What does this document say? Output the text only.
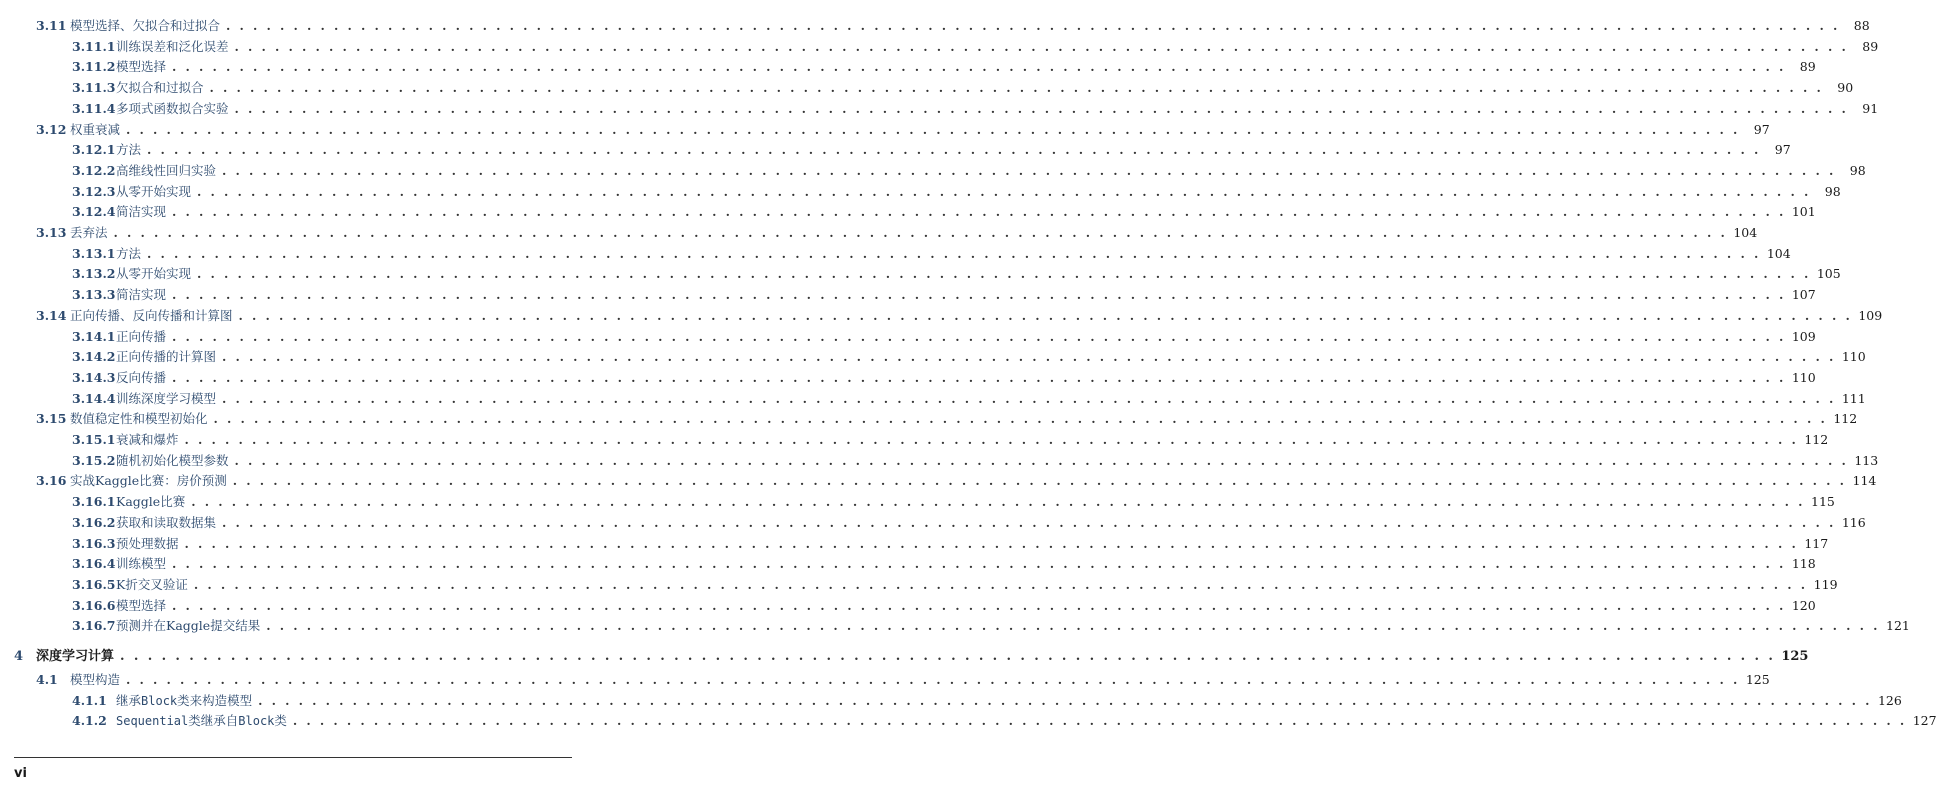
3.11 模型选择、欠拟合和过拟合 . . . . . . . . . . . . . . . . . . . . . . . . . . . . . . . . . . . . . . . . . . . . . . . . . . . . . . . . . . . . . . . . . . . . . . . . . . . . . . . . . . . . . . . . . . . . . . . . . . . . . . . . . . . . . . . . . . . . . . . .	88
3.11.1 训练误差和泛化误差 . . . . . . . . . . . . . . . . . . . . . . . . . . . . . . . . . . . . . . . . . . . . . . . . . . . . . . . . . . . . . . . . . . . . . . . . . . . . . . . . . . . . . . . . . . . . . . . . . . . . . . . . . . . . . . . . . . . . . . . .	89
3.11.2 模型选择 . . . . . . . . . . . . . . . . . . . . . . . . . . . . . . . . . . . . . . . . . . . . . . . . . . . . . . . . . . . . . . . . . . . . . . . . . . . . . . . . . . . . . . . . . . . . . . . . . . . . . . . . . . . . . . . . . . . . . . . .	89
3.11.3 欠拟合和过拟合 . . . . . . . . . . . . . . . . . . . . . . . . . . . . . . . . . . . . . . . . . . . . . . . . . . . . . . . . . . . . . . . . . . . . . . . . . . . . . . . . . . . . . . . . . . . . . . . . . . . . . . . . . . . . . . . . . . . . . . . .	90
3.11.4 多项式函数拟合实验 . . . . . . . . . . . . . . . . . . . . . . . . . . . . . . . . . . . . . . . . . . . . . . . . . . . . . . . . . . . . . . . . . . . . . . . . . . . . . . . . . . . . . . . . . . . . . . . . . . . . . . . . . . . . . . . . . . . . . . . .	91
3.12 权重衰减 . . . . . . . . . . . . . . . . . . . . . . . . . . . . . . . . . . . . . . . . . . . . . . . . . . . . . . . . . . . . . . . . . . . . . . . . . . . . . . . . . . . . . . . . . . . . . . . . . . . . . . . . . . . . . . . . . . . . . . . .	97
3.12.1 方法 . . . . . . . . . . . . . . . . . . . . . . . . . . . . . . . . . . . . . . . . . . . . . . . . . . . . . . . . . . . . . . . . . . . . . . . . . . . . . . . . . . . . . . . . . . . . . . . . . . . . . . . . . . . . . . . . . . . . . . . .	97
3.12.2 高维线性回归实验 . . . . . . . . . . . . . . . . . . . . . . . . . . . . . . . . . . . . . . . . . . . . . . . . . . . . . . . . . . . . . . . . . . . . . . . . . . . . . . . . . . . . . . . . . . . . . . . . . . . . . . . . . . . . . . . . . . . . . . . .	98
3.12.3 从零开始实现 . . . . . . . . . . . . . . . . . . . . . . . . . . . . . . . . . . . . . . . . . . . . . . . . . . . . . . . . . . . . . . . . . . . . . . . . . . . . . . . . . . . . . . . . . . . . . . . . . . . . . . . . . . . . . . . . . . . . . . . .	98
3.12.4 简洁实现 . . . . . . . . . . . . . . . . . . . . . . . . . . . . . . . . . . . . . . . . . . . . . . . . . . . . . . . . . . . . . . . . . . . . . . . . . . . . . . . . . . . . . . . . . . . . . . . . . . . . . . . . . . . . . . . . . . . . . . . . 101
3.13 丢弃法 . . . . . . . . . . . . . . . . . . . . . . . . . . . . . . . . . . . . . . . . . . . . . . . . . . . . . . . . . . . . . . . . . . . . . . . . . . . . . . . . . . . . . . . . . . . . . . . . . . . . . . . . . . . . . . . . . . . . . . . . 104
3.13.1 方法 . . . . . . . . . . . . . . . . . . . . . . . . . . . . . . . . . . . . . . . . . . . . . . . . . . . . . . . . . . . . . . . . . . . . . . . . . . . . . . . . . . . . . . . . . . . . . . . . . . . . . . . . . . . . . . . . . . . . . . . . 104
3.13.2 从零开始实现 . . . . . . . . . . . . . . . . . . . . . . . . . . . . . . . . . . . . . . . . . . . . . . . . . . . . . . . . . . . . . . . . . . . . . . . . . . . . . . . . . . . . . . . . . . . . . . . . . . . . . . . . . . . . . . . . . . . . . . . . 105
3.13.3 简洁实现 . . . . . . . . . . . . . . . . . . . . . . . . . . . . . . . . . . . . . . . . . . . . . . . . . . . . . . . . . . . . . . . . . . . . . . . . . . . . . . . . . . . . . . . . . . . . . . . . . . . . . . . . . . . . . . . . . . . . . . . . 107
3.14 正向传播、反向传播和计算图 . . . . . . . . . . . . . . . . . . . . . . . . . . . . . . . . . . . . . . . . . . . . . . . . . . . . . . . . . . . . . . . . . . . . . . . . . . . . . . . . . . . . . . . . . . . . . . . . . . . . . . . . . . . . . . . . . . . . . . . . 109
3.14.1 正向传播 . . . . . . . . . . . . . . . . . . . . . . . . . . . . . . . . . . . . . . . . . . . . . . . . . . . . . . . . . . . . . . . . . . . . . . . . . . . . . . . . . . . . . . . . . . . . . . . . . . . . . . . . . . . . . . . . . . . . . . . . 109
3.14.2 正向传播的计算图 . . . . . . . . . . . . . . . . . . . . . . . . . . . . . . . . . . . . . . . . . . . . . . . . . . . . . . . . . . . . . . . . . . . . . . . . . . . . . . . . . . . . . . . . . . . . . . . . . . . . . . . . . . . . . . . . . . . . . . . . 110
3.14.3 反向传播 . . . . . . . . . . . . . . . . . . . . . . . . . . . . . . . . . . . . . . . . . . . . . . . . . . . . . . . . . . . . . . . . . . . . . . . . . . . . . . . . . . . . . . . . . . . . . . . . . . . . . . . . . . . . . . . . . . . . . . . . 110
3.14.4 训练深度学习模型 . . . . . . . . . . . . . . . . . . . . . . . . . . . . . . . . . . . . . . . . . . . . . . . . . . . . . . . . . . . . . . . . . . . . . . . . . . . . . . . . . . . . . . . . . . . . . . . . . . . . . . . . . . . . . . . . . . . . . . . . 111
3.15 数值稳定性和模型初始化 . . . . . . . . . . . . . . . . . . . . . . . . . . . . . . . . . . . . . . . . . . . . . . . . . . . . . . . . . . . . . . . . . . . . . . . . . . . . . . . . . . . . . . . . . . . . . . . . . . . . . . . . . . . . . . . . . . . . . . . . 112
3.15.1 衰减和爆炸 . . . . . . . . . . . . . . . . . . . . . . . . . . . . . . . . . . . . . . . . . . . . . . . . . . . . . . . . . . . . . . . . . . . . . . . . . . . . . . . . . . . . . . . . . . . . . . . . . . . . . . . . . . . . . . . . . . . . . . . . 112
3.15.2 随机初始化模型参数 . . . . . . . . . . . . . . . . . . . . . . . . . . . . . . . . . . . . . . . . . . . . . . . . . . . . . . . . . . . . . . . . . . . . . . . . . . . . . . . . . . . . . . . . . . . . . . . . . . . . . . . . . . . . . . . . . . . . . . . . 113
3.16 实战Kaggle比赛：房价预测 . . . . . . . . . . . . . . . . . . . . . . . . . . . . . . . . . . . . . . . . . . . . . . . . . . . . . . . . . . . . . . . . . . . . . . . . . . . . . . . . . . . . . . . . . . . . . . . . . . . . . . . . . . . . . . . . . . . . . . . . 114
3.16.1 Kaggle比赛 . . . . . . . . . . . . . . . . . . . . . . . . . . . . . . . . . . . . . . . . . . . . . . . . . . . . . . . . . . . . . . . . . . . . . . . . . . . . . . . . . . . . . . . . . . . . . . . . . . . . . . . . . . . . . . . . . . . . . . . . 115
3.16.2 获取和读取数据集 . . . . . . . . . . . . . . . . . . . . . . . . . . . . . . . . . . . . . . . . . . . . . . . . . . . . . . . . . . . . . . . . . . . . . . . . . . . . . . . . . . . . . . . . . . . . . . . . . . . . . . . . . . . . . . . . . . . . . . . . 116
3.16.3 预处理数据 . . . . . . . . . . . . . . . . . . . . . . . . . . . . . . . . . . . . . . . . . . . . . . . . . . . . . . . . . . . . . . . . . . . . . . . . . . . . . . . . . . . . . . . . . . . . . . . . . . . . . . . . . . . . . . . . . . . . . . . . 117
3.16.4 训练模型 . . . . . . . . . . . . . . . . . . . . . . . . . . . . . . . . . . . . . . . . . . . . . . . . . . . . . . . . . . . . . . . . . . . . . . . . . . . . . . . . . . . . . . . . . . . . . . . . . . . . . . . . . . . . . . . . . . . . . . . . 118
3.16.5 K折交叉验证 . . . . . . . . . . . . . . . . . . . . . . . . . . . . . . . . . . . . . . . . . . . . . . . . . . . . . . . . . . . . . . . . . . . . . . . . . . . . . . . . . . . . . . . . . . . . . . . . . . . . . . . . . . . . . . . . . . . . . . . . 119
3.16.6 模型选择 . . . . . . . . . . . . . . . . . . . . . . . . . . . . . . . . . . . . . . . . . . . . . . . . . . . . . . . . . . . . . . . . . . . . . . . . . . . . . . . . . . . . . . . . . . . . . . . . . . . . . . . . . . . . . . . . . . . . . . . . 120
3.16.7 预测并在Kaggle提交结果 . . . . . . . . . . . . . . . . . . . . . . . . . . . . . . . . . . . . . . . . . . . . . . . . . . . . . . . . . . . . . . . . . . . . . . . . . . . . . . . . . . . . . . . . . . . . . . . . . . . . . . . . . . . . . . . . . . . . . . . . 121
4 深度学习计算 . . . . . . . . . . . . . . . . . . . . . . . . . . . . . . . . . . . . . . . . . . . . . . . . . . . . . . . . . . . . . . . . . . . . . . . . . . . . . . . . . . . . . . . . . . . . . . . . . . . . . . . . . . . . . . . . . . . . . . . . 125
4.1 模型构造 . . . . . . . . . . . . . . . . . . . . . . . . . . . . . . . . . . . . . . . . . . . . . . . . . . . . . . . . . . . . . . . . . . . . . . . . . . . . . . . . . . . . . . . . . . . . . . . . . . . . . . . . . . . . . . . . . . . . . . . . 125
4.1.1 继承Block类来构造模型 . . . . . . . . . . . . . . . . . . . . . . . . . . . . . . . . . . . . . . . . . . . . . . . . . . . . . . . . . . . . . . . . . . . . . . . . . . . . . . . . . . . . . . . . . . . . . . . . . . . . . . . . . . . . . . . . . . . . . . . . 126
4.1.2 Sequential类继承自Block类 . . . . . . . . . . . . . . . . . . . . . . . . . . . . . . . . . . . . . . . . . . . . . . . . . . . . . . . . . . . . . . . . . . . . . . . . . . . . . . . . . . . . . . . . . . . . . . . . . . . . . . . . . . . . . . . . . . . . . . . . 127
vi
